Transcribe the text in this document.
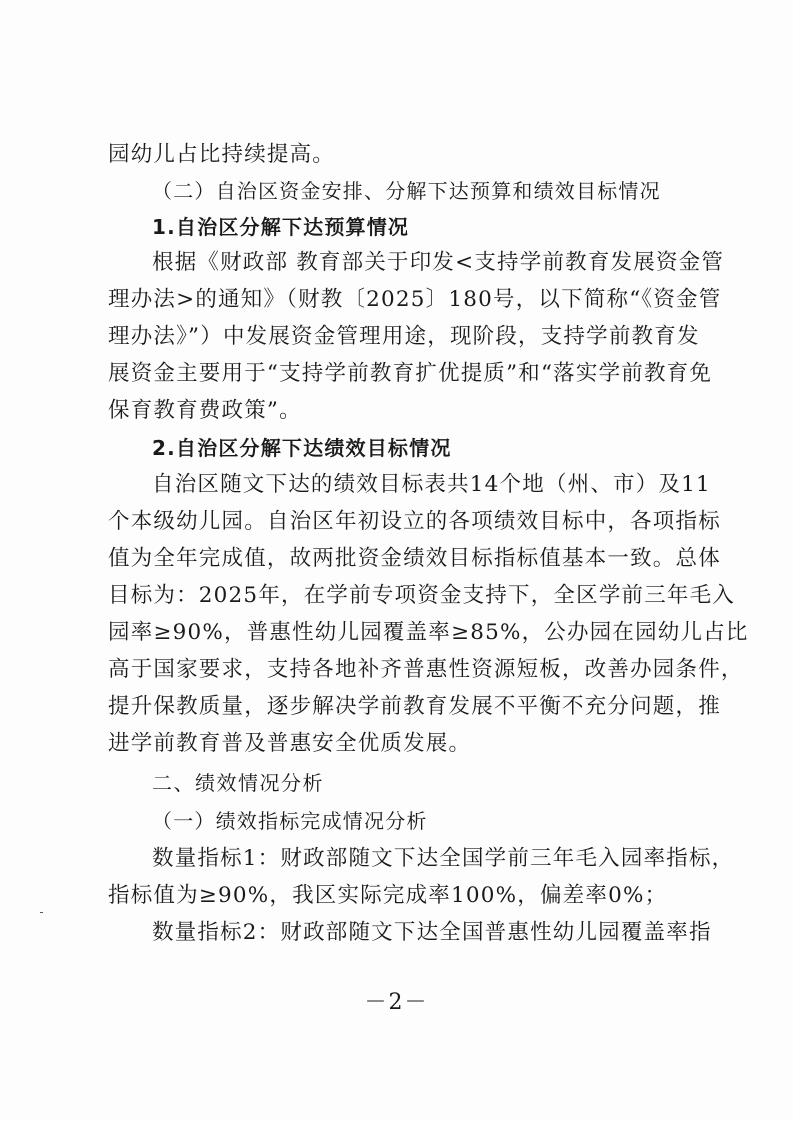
园幼儿占比持续提高。
（二）自治区资金安排、分解下达预算和绩效目标情况
1.自治区分解下达预算情况
根据《财政部 教育部关于印发<支持学前教育发展资金管
理办法>的通知》（财教〔2025〕180号，以下简称“《资金管
理办法》”）中发展资金管理用途，现阶段，支持学前教育发
展资金主要用于“支持学前教育扩优提质”和“落实学前教育免
保育教育费政策”。
2.自治区分解下达绩效目标情况
自治区随文下达的绩效目标表共14个地（州、市）及11
个本级幼儿园。自治区年初设立的各项绩效目标中，各项指标
值为全年完成值，故两批资金绩效目标指标值基本一致。总体
目标为：2025年，在学前专项资金支持下，全区学前三年毛入
园率≥90%，普惠性幼儿园覆盖率≥85%，公办园在园幼儿占比
高于国家要求，支持各地补齐普惠性资源短板，改善办园条件，
提升保教质量，逐步解决学前教育发展不平衡不充分问题，推
进学前教育普及普惠安全优质发展。
二、绩效情况分析
（一）绩效指标完成情况分析
数量指标1：财政部随文下达全国学前三年毛入园率指标，
指标值为≥90%，我区实际完成率100%，偏差率0%；
数量指标2：财政部随文下达全国普惠性幼儿园覆盖率指
－2－
